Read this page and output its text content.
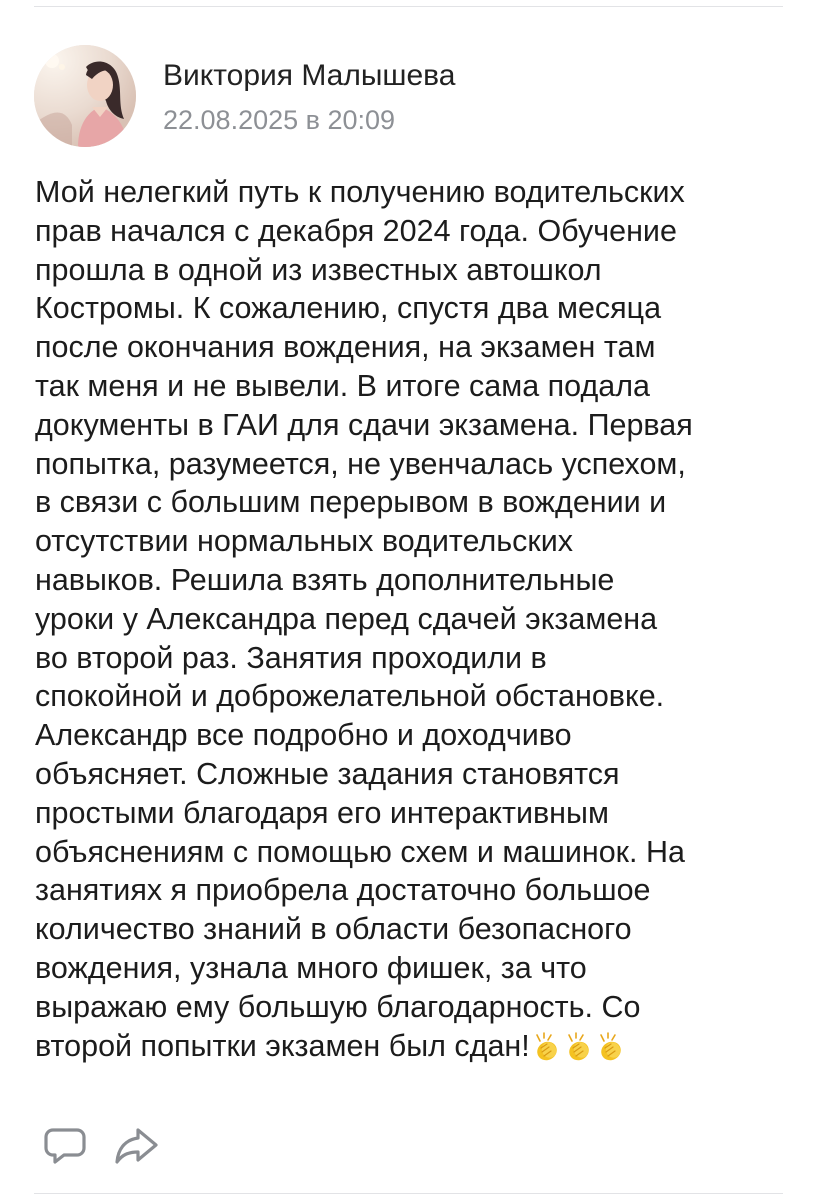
Виктория Малышева
22.08.2025 в 20:09

Мой нелегкий путь к получению водительских
прав начался с декабря 2024 года. Обучение
прошла в одной из известных автошкол
Костромы. К сожалению, спустя два месяца
после окончания вождения, на экзамен там
так меня и не вывели. В итоге сама подала
документы в ГАИ для сдачи экзамена. Первая
попытка, разумеется, не увенчалась успехом,
в связи с большим перерывом в вождении и
отсутствии нормальных водительских
навыков. Решила взять дополнительные
уроки у Александра перед сдачей экзамена
во второй раз. Занятия проходили в
спокойной и доброжелательной обстановке.
Александр все подробно и доходчиво
объясняет. Сложные задания становятся
простыми благодаря его интерактивным
объяснениям с помощью схем и машинок. На
занятиях я приобрела достаточно большое
количество знаний в области безопасного
вождения, узнала много фишек, за что
выражаю ему большую благодарность. Со
второй попытки экзамен был сдан!
